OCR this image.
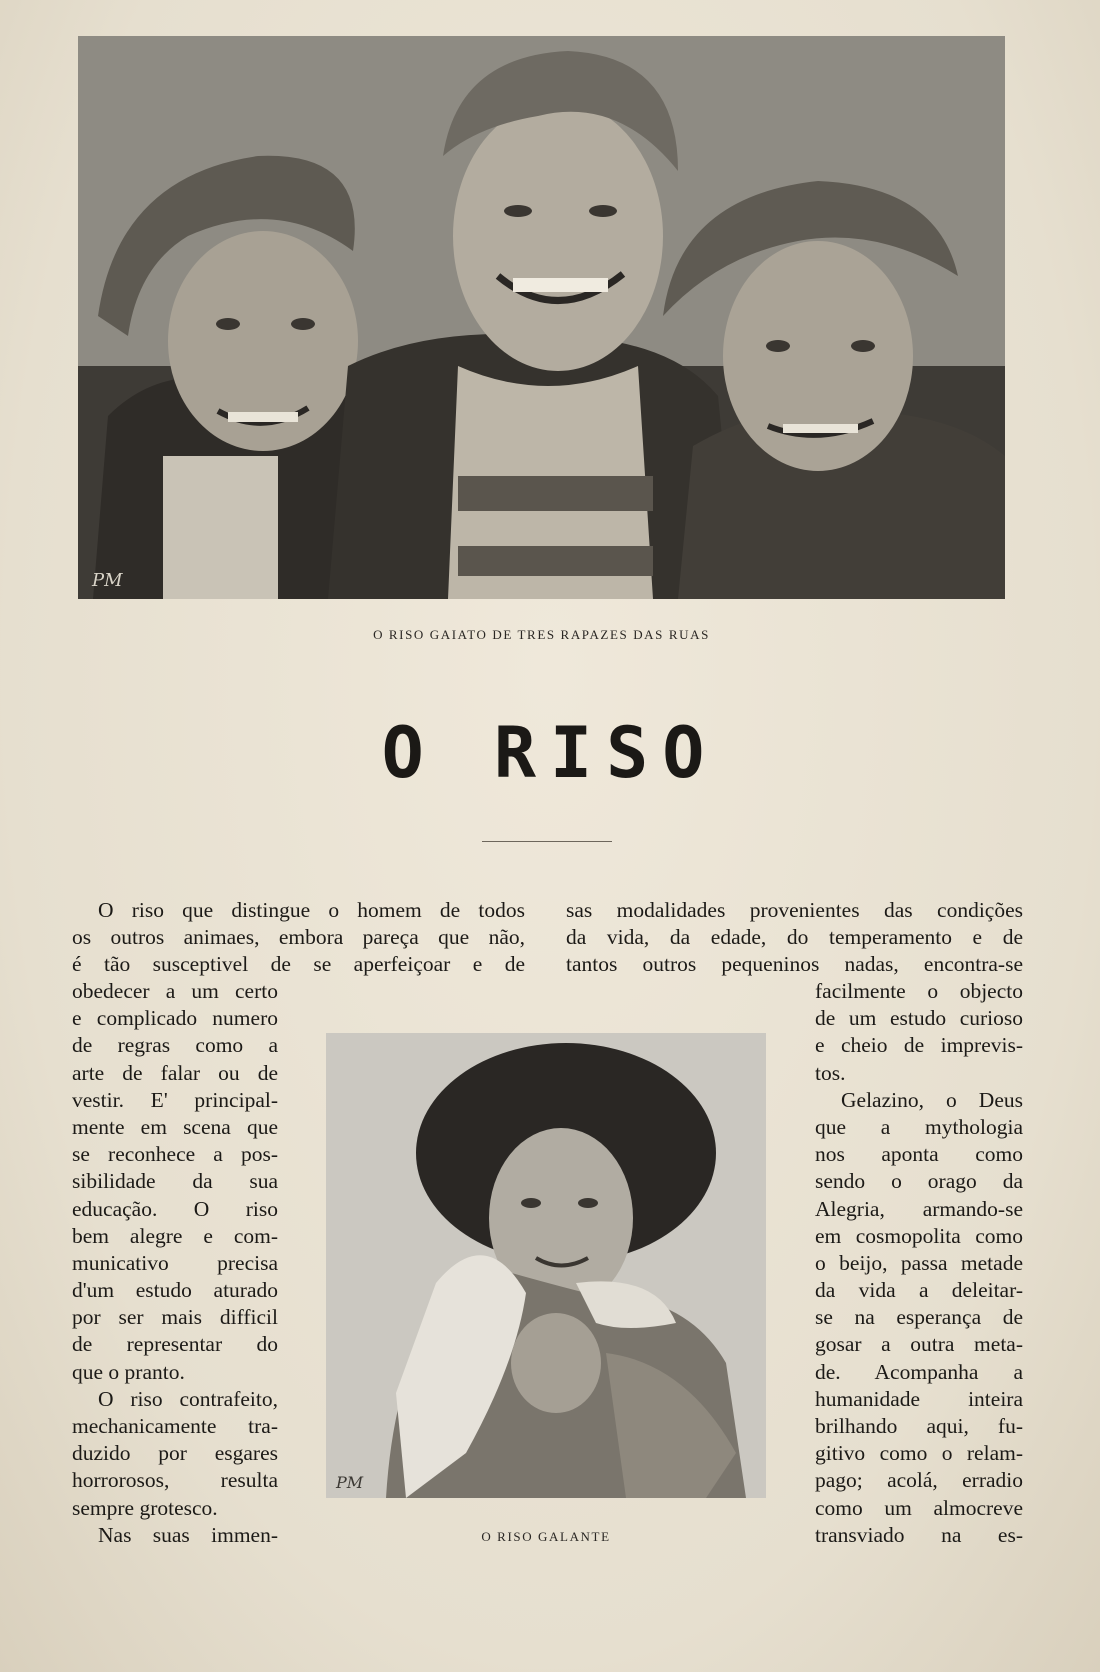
PM
O RISO GAIATO DE TRES RAPAZES DAS RUAS
O RISO
O riso que distingue o homem de todos
os outros animaes, embora pareça que não,
é tão susceptivel de se aperfeiçoar e de
sas modalidades provenientes das condições
da vida, da edade, do temperamento e de
tantos outros pequeninos nadas, encontra-se
obedecer a um certo
e complicado numero
de regras como a
arte de falar ou de
vestir. E' principal-
mente em scena que
se reconhece a pos-
sibilidade da sua
educação. O riso
bem alegre e com-
municativo precisa
d'um estudo aturado
por ser mais difficil
de representar do
que o pranto.
O riso contrafeito,
mechanicamente tra-
duzido por esgares
horrorosos, resulta
sempre grotesco.
Nas suas immen-
PM
O RISO GALANTE
facilmente o objecto
de um estudo curioso
e cheio de imprevis-
tos.
Gelazino, o Deus
que a mythologia
nos aponta como
sendo o orago da
Alegria, armando-se
em cosmopolita como
o beijo, passa metade
da vida a deleitar-
se na esperança de
gosar a outra meta-
de. Acompanha a
humanidade inteira
brilhando aqui, fu-
gitivo como o relam-
pago; acolá, erradio
como um almocreve
transviado na es-
